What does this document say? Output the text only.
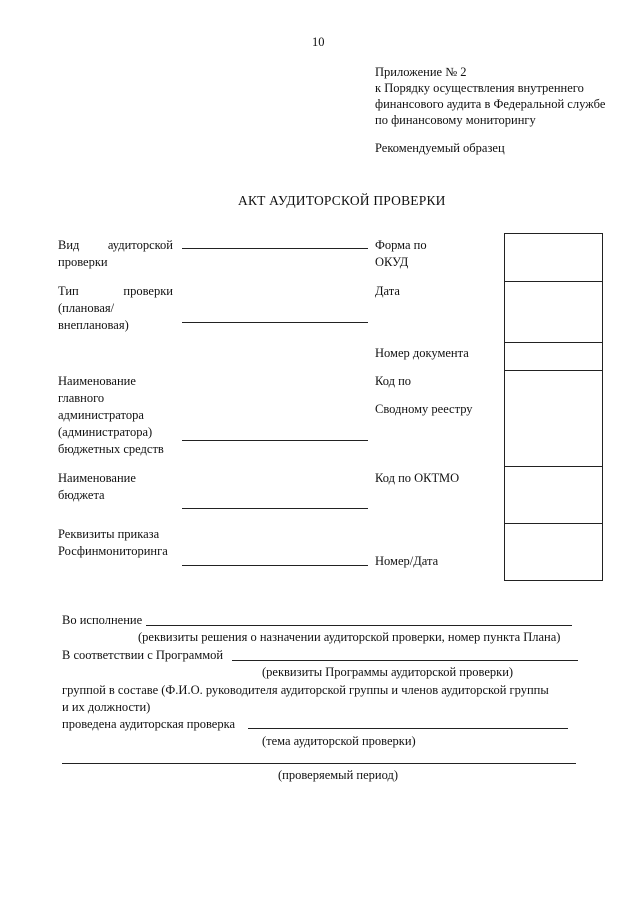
10
Приложение № 2
к Порядку осуществления внутреннего
финансового аудита в Федеральной службе
по финансовому мониторингу
Рекомендуемый образец
АКТ АУДИТОРСКОЙ ПРОВЕРКИ
Вид аудиторской
проверки
Тип	проверки
(плановая/
внеплановая)
Наименование
главного
администратора
(администратора)
бюджетных средств
Наименование
бюджета
Реквизиты приказа
Росфинмониторинга
Форма по
ОКУД
Дата
Номер документа
Код по
Сводному реестру
Код по ОКТМО
Номер/Дата
Во исполнение
(реквизиты решения о назначении аудиторской проверки, номер пункта Плана)
В соответствии с Программой
(реквизиты Программы аудиторской проверки)
группой в составе (Ф.И.О. руководителя аудиторской группы и членов аудиторской группы
и их должности)
проведена аудиторская проверка
(тема аудиторской проверки)
(проверяемый период)
